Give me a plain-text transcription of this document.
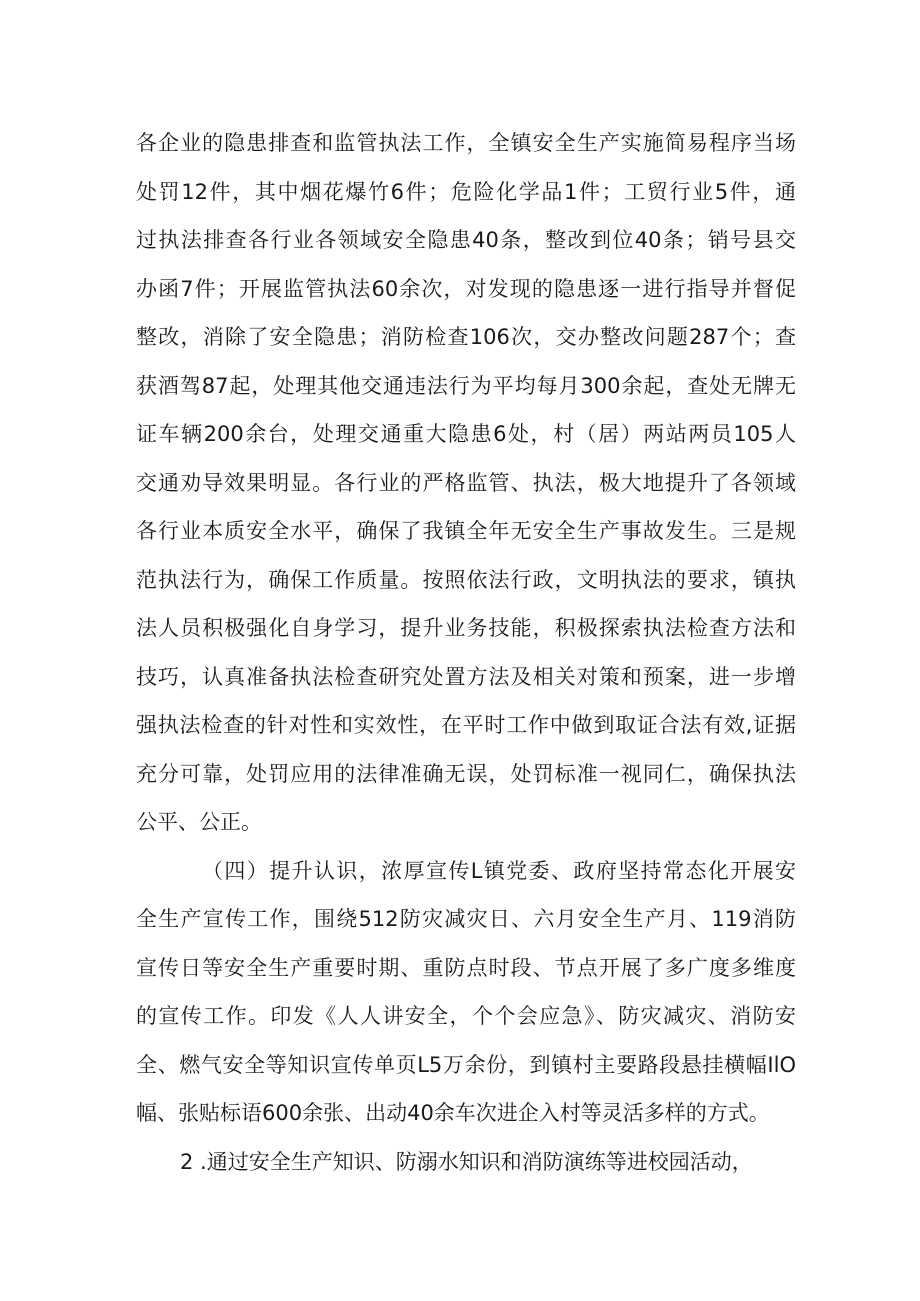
各企业的隐患排查和监管执法工作，全镇安全生产实施简易程序当场
处罚12件，其中烟花爆竹6件；危险化学品1件；工贸行业5件，通
过执法排查各行业各领域安全隐患40条，整改到位40条；销号县交
办函7件；开展监管执法60余次，对发现的隐患逐一进行指导并督促
整改，消除了安全隐患；消防检查106次，交办整改问题287个；查
获酒驾87起，处理其他交通违法行为平均每月300余起，查处无牌无
证车辆200余台，处理交通重大隐患6处，村（居）两站两员105人
交通劝导效果明显。各行业的严格监管、执法，极大地提升了各领域
各行业本质安全水平，确保了我镇全年无安全生产事故发生。三是规
范执法行为，确保工作质量。按照依法行政，文明执法的要求，镇执
法人员积极强化自身学习，提升业务技能，积极探索执法检查方法和
技巧，认真准备执法检查研究处置方法及相关对策和预案，进一步增
强执法检查的针对性和实效性，在平时工作中做到取证合法有效,证据
充分可靠，处罚应用的法律准确无误，处罚标准一视同仁，确保执法
公平、公正。
（四）提升认识，浓厚宣传L镇党委、政府坚持常态化开展安
全生产宣传工作，围绕512防灾减灾日、六月安全生产月、119消防
宣传日等安全生产重要时期、重防点时段、节点开展了多广度多维度
的宣传工作。印发《人人讲安全，个个会应急》、防灾减灾、消防安
全、燃气安全等知识宣传单页L5万余份，到镇村主要路段悬挂横幅IlO
幅、张贴标语600余张、出动40余车次进企入村等灵活多样的方式。
2 .通过安全生产知识、防溺水知识和消防演练等进校园活动，
